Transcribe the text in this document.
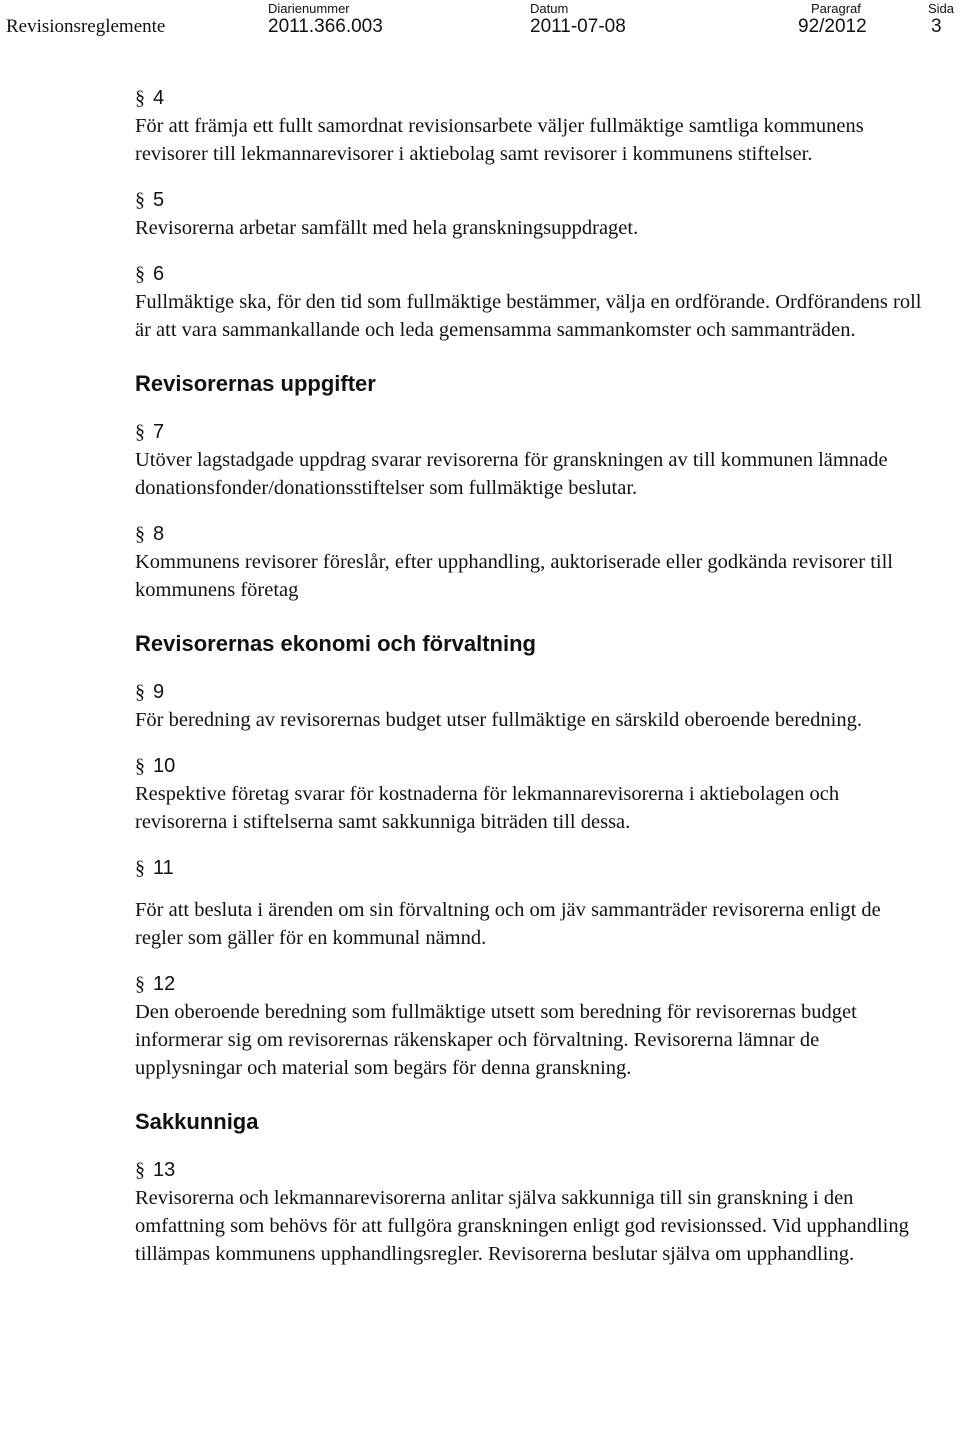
Revisionsreglemente
Diarienummer
2011.366.003
Datum
2011-07-08
Paragraf
92/2012
Sida
3
§ 4

För att främja ett fullt samordnat revisionsarbete väljer fullmäktige samtliga kommunens revisorer till lekmannarevisorer i aktiebolag samt revisorer i kommunens stiftelser.

§ 5

Revisorerna arbetar samfällt med hela granskningsuppdraget.

§ 6

Fullmäktige ska, för den tid som fullmäktige bestämmer, välja en ordförande. Ordförandens roll är att vara sammankallande och leda gemensamma sammankomster och sammanträden.

Revisorernas uppgifter
§ 7

Utöver lagstadgade uppdrag svarar revisorerna för granskningen av till kommunen lämnade donationsfonder/donationsstiftelser som fullmäktige beslutar.

§ 8

Kommunens revisorer föreslår, efter upphandling, auktoriserade eller godkända revisorer till kommunens företag

Revisorernas ekonomi och förvaltning
§ 9

För beredning av revisorernas budget utser fullmäktige en särskild oberoende beredning.

§ 10

Respektive företag svarar för kostnaderna för lekmannarevisorerna i aktiebolagen och revisorerna i stiftelserna samt sakkunniga biträden till dessa.

§ 11

För att besluta i ärenden om sin förvaltning och om jäv sammanträder revisorerna enligt de regler som gäller för en kommunal nämnd.

§ 12

Den oberoende beredning som fullmäktige utsett som beredning för revisorernas budget informerar sig om revisorernas räkenskaper och förvaltning. Revisorerna lämnar de upplysningar och material som begärs för denna granskning.

Sakkunniga
§ 13

Revisorerna och lekmannarevisorerna anlitar själva sakkunniga till sin granskning i den omfattning som behövs för att fullgöra granskningen enligt god revisionssed. Vid upphandling tillämpas kommunens upphandlingsregler. Revisorerna beslutar själva om upphandling.
